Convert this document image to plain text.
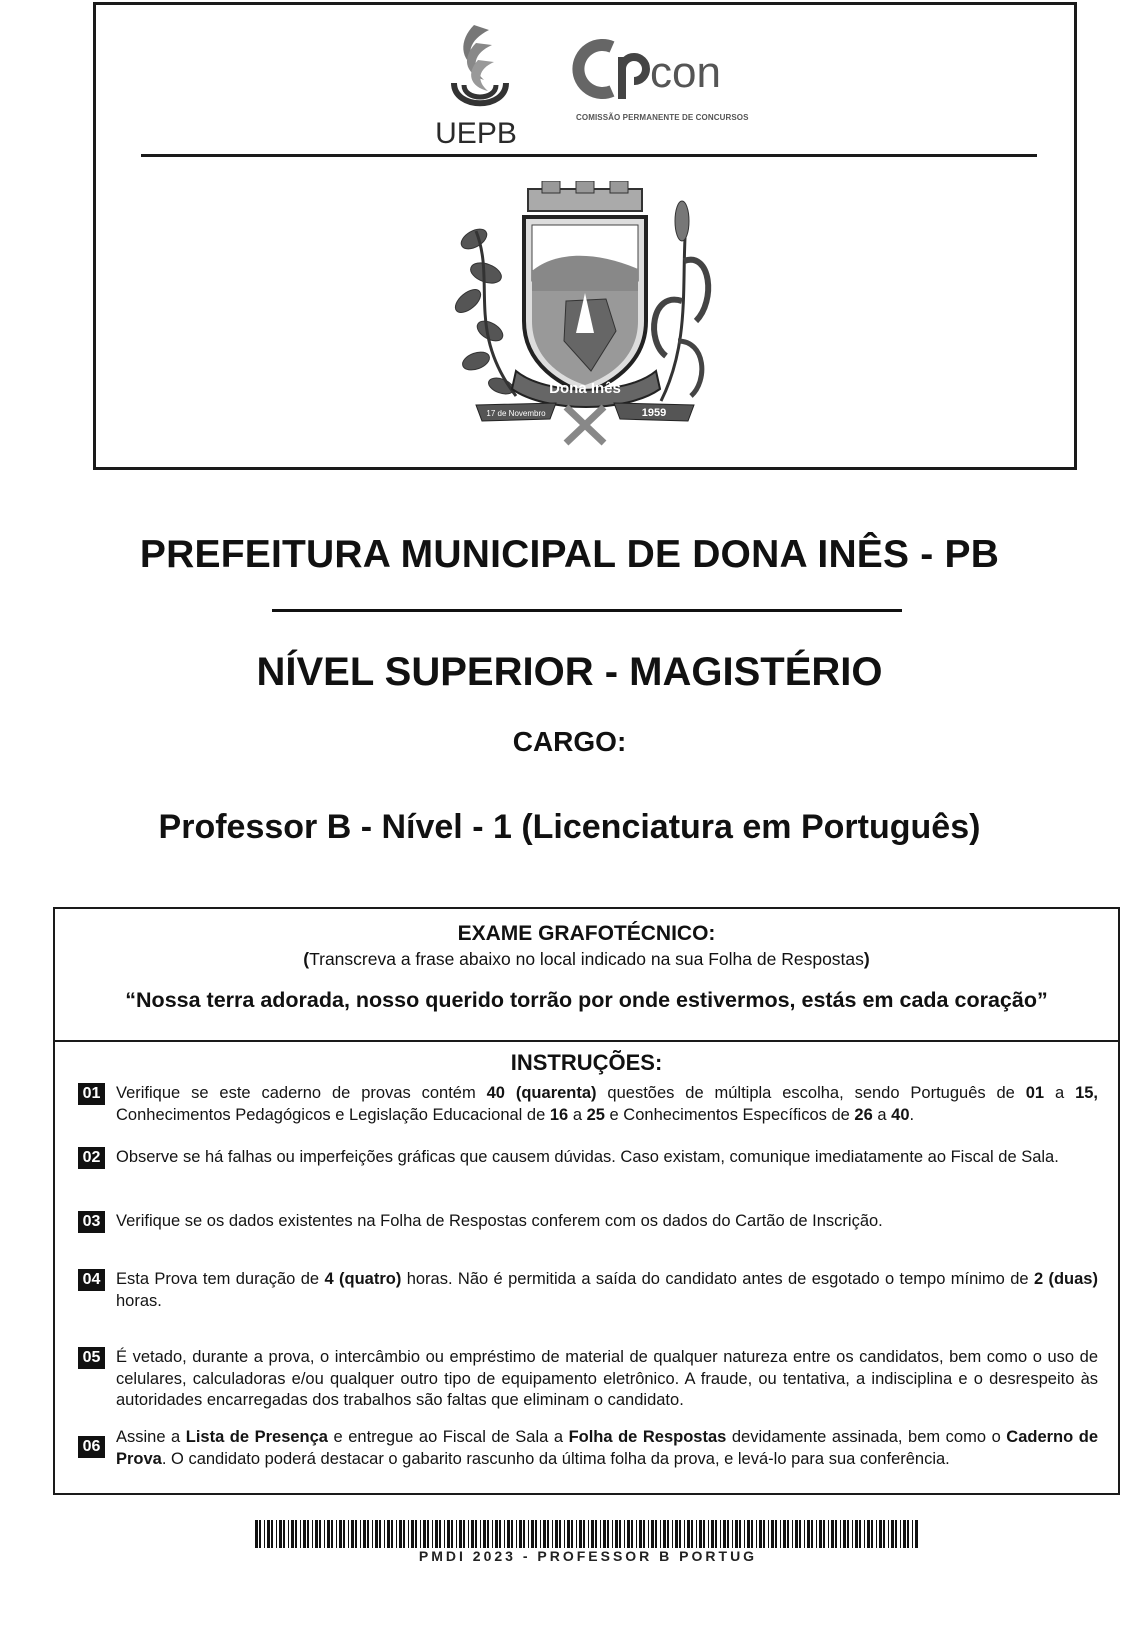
UEPB
con
COMISSÃO PERMANENTE DE CONCURSOS
Dona Inês
17 de Novembro	1959
PREFEITURA MUNICIPAL DE DONA INÊS - PB
NÍVEL SUPERIOR - MAGISTÉRIO
CARGO:
Professor B - Nível - 1 (Licenciatura em Português)
EXAME GRAFOTÉCNICO:
(Transcreva a frase abaixo no local indicado na sua Folha de Respostas)
“Nossa terra adorada, nosso querido torrão por onde estivermos, estás em cada coração”
INSTRUÇÕES:
01 Verifique se este caderno de provas contém 40 (quarenta) questões de múltipla escolha, sendo Português de 01 a 15, Conhecimentos Pedagógicos e Legislação Educacional de 16 a 25 e Conhecimentos Específicos de 26 a 40.
02 Observe se há falhas ou imperfeições gráficas que causem dúvidas. Caso existam, comunique imediatamente ao Fiscal de Sala.
03 Verifique se os dados existentes na Folha de Respostas conferem com os dados do Cartão de Inscrição.
04 Esta Prova tem duração de 4 (quatro) horas. Não é permitida a saída do candidato antes de esgotado o tempo mínimo de 2 (duas) horas.
05 É vetado, durante a prova, o intercâmbio ou empréstimo de material de qualquer natureza entre os candidatos, bem como o uso de celulares, calculadoras e/ou qualquer outro tipo de equipamento eletrônico. A fraude, ou tentativa, a indisciplina e o desrespeito às autoridades encarregadas dos trabalhos são faltas que eliminam o candidato.
06
Assine a Lista de Presença e entregue ao Fiscal de Sala a Folha de Respostas devidamente assinada, bem como o Caderno de Prova. O candidato poderá destacar o gabarito rascunho da última folha da prova, e levá-lo para sua conferência.
PMDI 2023 - PROFESSOR B PORTUG
